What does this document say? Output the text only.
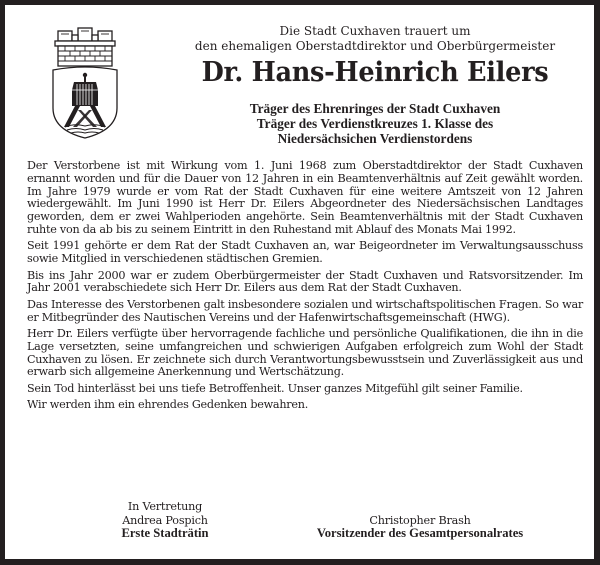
Die Stadt Cuxhaven trauert um

den ehemaligen Oberstadtdirektor und Oberbürgermeister

Dr. Hans-Heinrich Eilers
Träger des Ehrenringes der Stadt Cuxhaven
Träger des Verdienstkreuzes 1. Klasse des
Niedersächsichen Verdienstordens

Der Verstorbene ist mit Wirkung vom 1. Juni 1968 zum Oberstadtdirektor der Stadt Cuxhaven ernannt worden und für die Dauer von 12 Jahren in ein Beamtenverhältnis auf Zeit gewählt worden. Im Jahre 1979 wurde er vom Rat der Stadt Cuxhaven für eine weitere Amtszeit von 12 Jahren wiedergewählt. Im Juni 1990 ist Herr Dr. Eilers Abgeordneter des Niedersächsischen Landtages geworden, dem er zwei Wahlperioden angehörte. Sein Beamtenverhältnis mit der Stadt Cuxhaven ruhte von da ab bis zu seinem Eintritt in den Ruhestand mit Ablauf des Monats Mai 1992.

Seit 1991 gehörte er dem Rat der Stadt Cuxhaven an, war Beigeordneter im Verwaltungsausschuss sowie Mitglied in verschiedenen städtischen Gremien.

Bis ins Jahr 2000 war er zudem Oberbürgermeister der Stadt Cuxhaven und Ratsvorsitzender. Im Jahr 2001 verabschiedete sich Herr Dr. Eilers aus dem Rat der Stadt Cuxhaven.

Das Interesse des Verstorbenen galt insbesondere sozialen und wirtschaftspolitischen Fragen. So war er Mitbegründer des Nautischen Vereins und der Hafenwirtschaftsgemeinschaft (HWG).

Herr Dr. Eilers verfügte über hervorragende fachliche und persönliche Qualifikationen, die ihn in die Lage versetzten, seine umfangreichen und schwierigen Aufgaben erfolgreich zum Wohl der Stadt Cuxhaven zu lösen. Er zeichnete sich durch Verantwortungsbewusstsein und Zuverlässigkeit aus und erwarb sich allgemeine Anerkennung und Wertschätzung.

Sein Tod hinterlässt bei uns tiefe Betroffenheit. Unser ganzes Mitgefühl gilt seiner Familie.

Wir werden ihm ein ehrendes Gedenken bewahren.

In Vertretung
Andrea Pospich
Erste Stadträtin

Christopher Brash
Vorsitzender des Gesamtpersonalrates
